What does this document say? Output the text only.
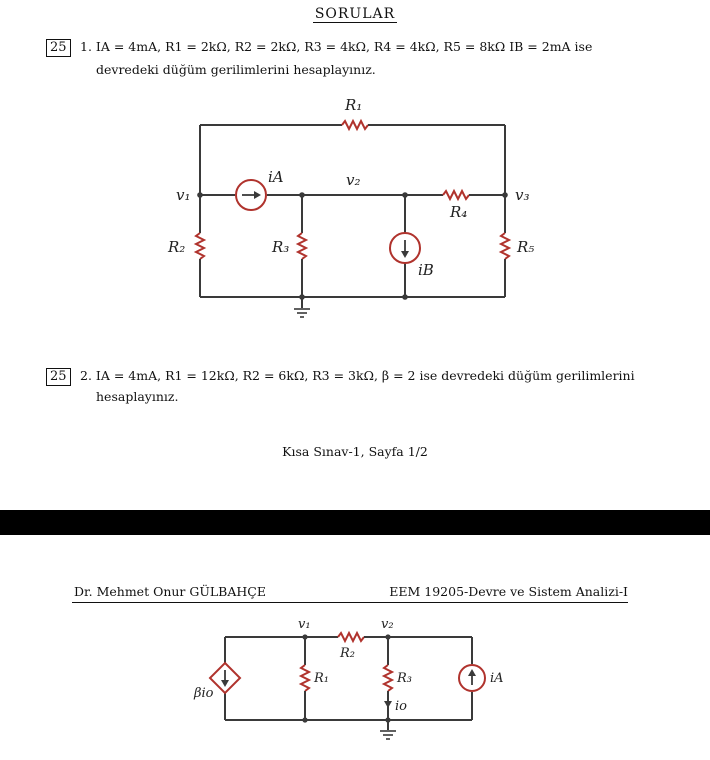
SORULAR
25	1. IA = 4mA, R1 = 2kΩ, R2 = 2kΩ, R3 = 4kΩ, R4 = 4kΩ, R5 = 8kΩ IB = 2mA ise
devredeki düğüm gerilimlerini hesaplayınız.
R₁
R₄
R₂	R₃	R₅
iA
iB
v₁
v₂
v₃
25	2. IA = 4mA, R1 = 12kΩ, R2 = 6kΩ, R3 = 3kΩ, β = 2 ise devredeki düğüm gerilimlerini
hesaplayınız.
Kısa Sınav-1, Sayfa 1/2
Dr. Mehmet Onur GÜLBAHÇE	EEM 19205-Devre ve Sistem Analizi-I
v₁	v₂
R₂
R₁	R₃
io
iA
βio
